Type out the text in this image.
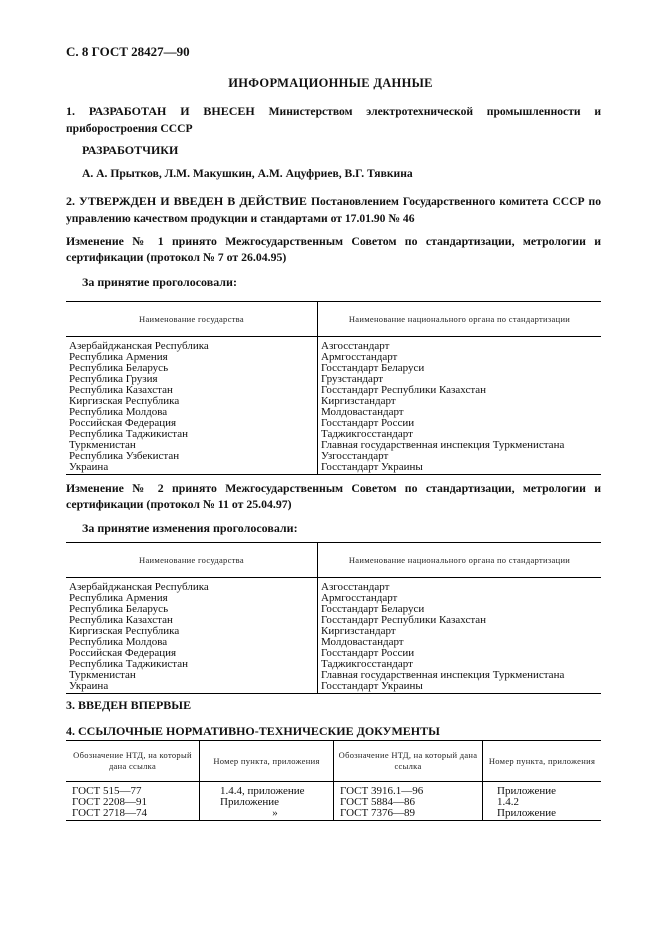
С. 8 ГОСТ 28427—90
ИНФОРМАЦИОННЫЕ ДАННЫЕ
1. РАЗРАБОТАН И ВНЕСЕН Министерством электротехнической промышленности и приборостроения СССР
РАЗРАБОТЧИКИ
А. А. Прытков, Л.М. Макушкин, А.М. Ацуфриев, В.Г. Тявкина
2. УТВЕРЖДЕН И ВВЕДЕН В ДЕЙСТВИЕ Постановлением Государственного комитета СССР по управлению качеством продукции и стандартами от 17.01.90 № 46
Изменение № 1 принято Межгосударственным Советом по стандартизации, метрологии и сертификации (протокол № 7 от 26.04.95)
За принятие проголосовали:
Наименование государства	Наименование национального органа по стандартизации
Азербайджанская Республика	Азгосстандарт
Республика Армения	Армгосстандарт
Республика Беларусь	Госстандарт Беларуси
Республика Грузия	Грузстандарт
Республика Казахстан	Госстандарт Республики Казахстан
Киргизская Республика	Киргизстандарт
Республика Молдова	Молдовастандарт
Российская Федерация	Госстандарт России
Республика Таджикистан	Таджикгосстандарт
Туркменистан	Главная государственная инспекция Туркменистана
Республика Узбекистан	Узгосстандарт
Украина	Госстандарт Украины
Изменение № 2 принято Межгосударственным Советом по стандартизации, метрологии и сертификации (протокол № 11 от 25.04.97)
За принятие изменения проголосовали:
Наименование государства	Наименование национального органа по стандартизации
Азербайджанская Республика	Азгосстандарт
Республика Армения	Армгосстандарт
Республика Беларусь	Госстандарт Беларуси
Республика Казахстан	Госстандарт Республики Казахстан
Киргизская Республика	Киргизстандарт
Республика Молдова	Молдовастандарт
Российская Федерация	Госстандарт России
Республика Таджикистан	Таджикгосстандарт
Туркменистан	Главная государственная инспекция Туркменистана
Украина	Госстандарт Украины
3. ВВЕДЕН ВПЕРВЫЕ
4. ССЫЛОЧНЫЕ НОРМАТИВНО-ТЕХНИЧЕСКИЕ ДОКУМЕНТЫ
Обозначение НТД, на который дана ссылка	Номер пункта, приложения	Обозначение НТД, на который дана ссылка	Номер пункта, приложения
ГОСТ 515—77	1.4.4, приложение	ГОСТ 3916.1—96	Приложение
ГОСТ 2208—91	Приложение	ГОСТ 5884—86	1.4.2
ГОСТ 2718—74	»	ГОСТ 7376—89	Приложение
